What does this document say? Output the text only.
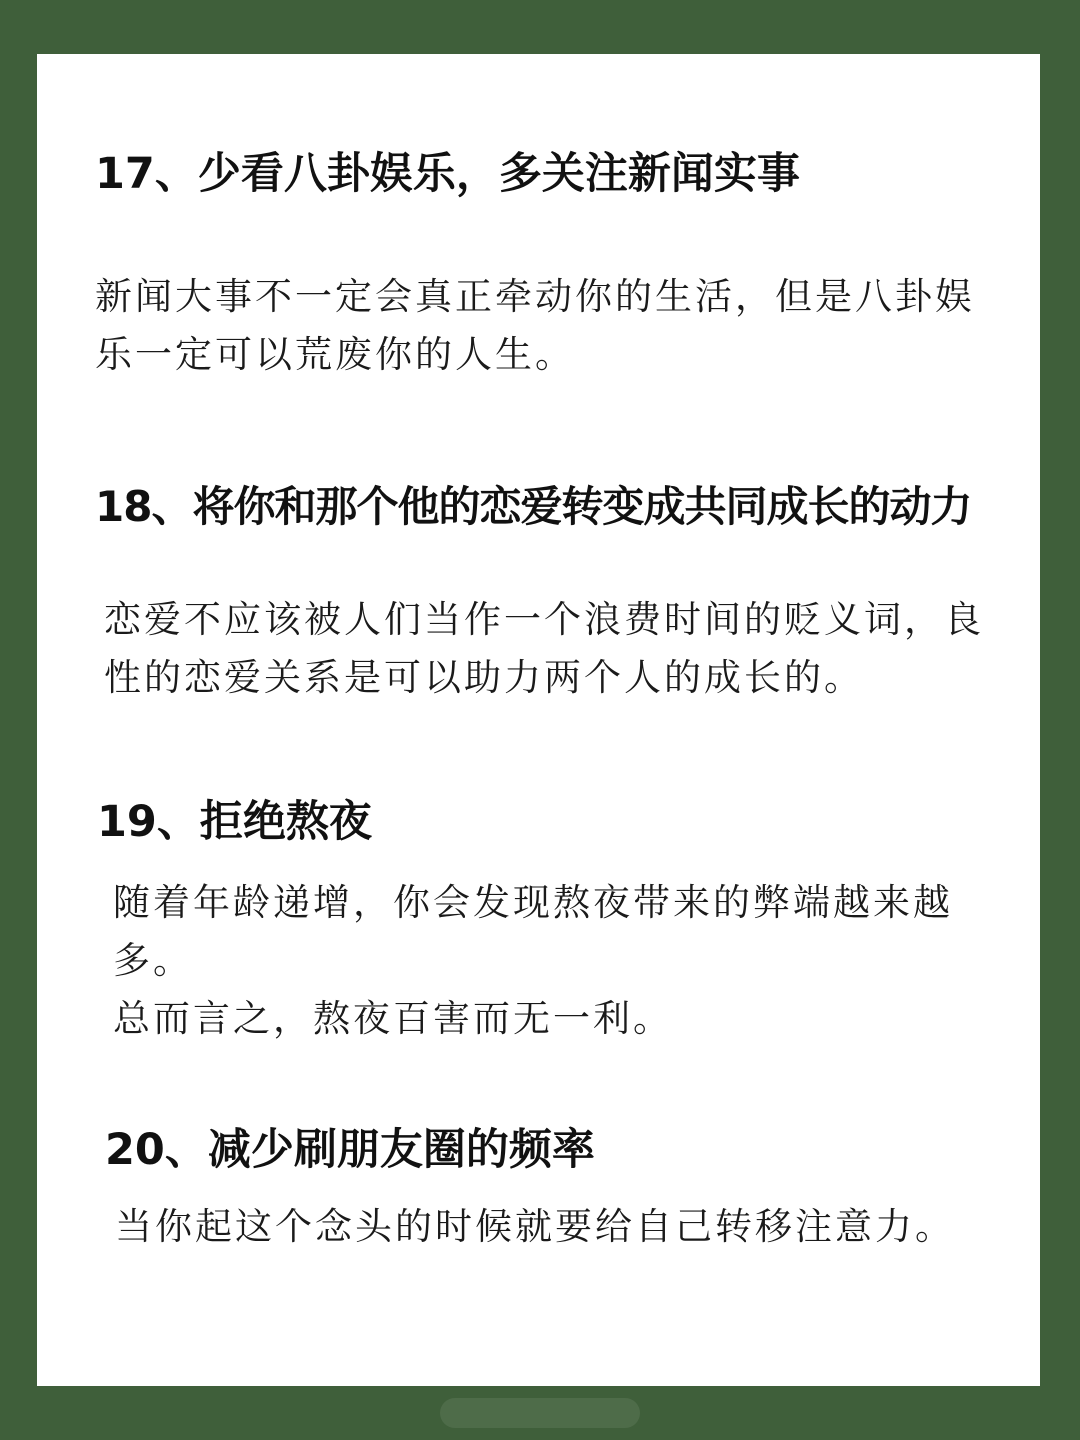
17、少看八卦娱乐，多关注新闻实事

新闻大事不一定会真正牵动你的生活，但是八卦娱
乐一定可以荒废你的人生。

18、将你和那个他的恋爱转变成共同成长的动力

恋爱不应该被人们当作一个浪费时间的贬义词，良
性的恋爱关系是可以助力两个人的成长的。

19、拒绝熬夜

随着年龄递增，你会发现熬夜带来的弊端越来越
多。
总而言之，熬夜百害而无一利。

20、减少刷朋友圈的频率

当你起这个念头的时候就要给自己转移注意力。
